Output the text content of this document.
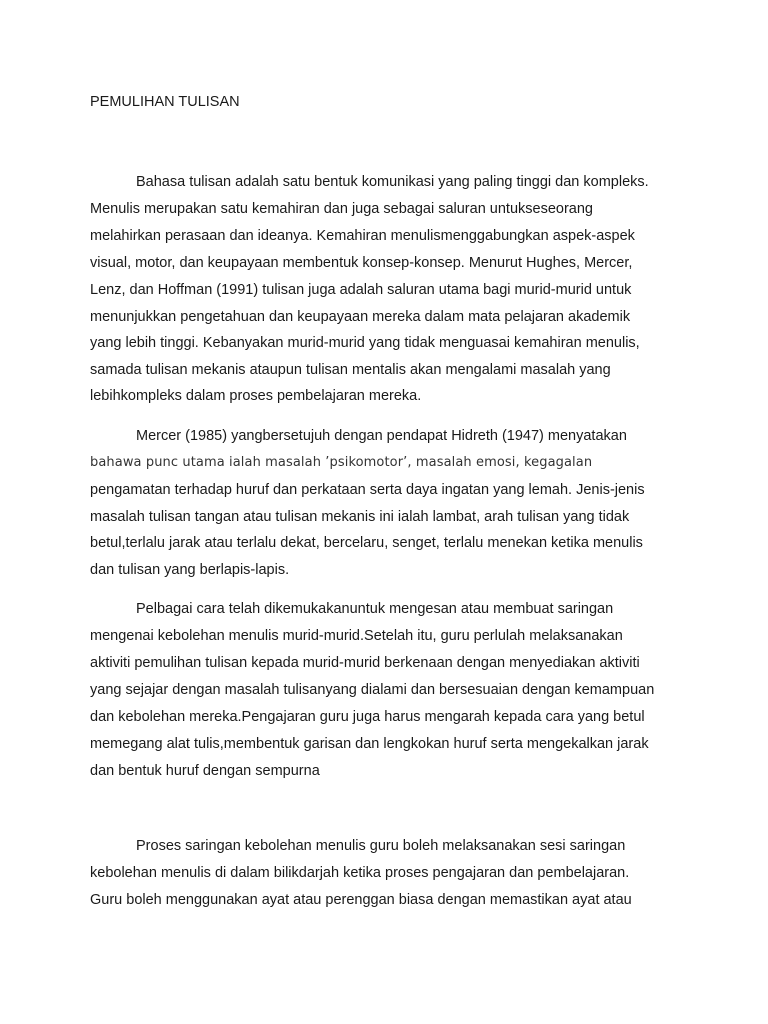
PEMULIHAN TULISAN
Bahasa tulisan adalah satu bentuk komunikasi yang paling tinggi dan kompleks.
Menulis merupakan satu kemahiran dan juga sebagai saluran untukseseorang
melahirkan perasaan dan ideanya. Kemahiran menulismenggabungkan aspek-aspek
visual, motor, dan keupayaan membentuk konsep-konsep. Menurut Hughes, Mercer,
Lenz, dan Hoffman (1991) tulisan juga adalah saluran utama bagi murid-murid untuk
menunjukkan pengetahuan dan keupayaan mereka dalam mata pelajaran akademik
yang lebih tinggi. Kebanyakan murid-murid yang tidak menguasai kemahiran menulis,
samada tulisan mekanis ataupun tulisan mentalis akan mengalami masalah yang
lebihkompleks dalam proses pembelajaran mereka.
Mercer (1985) yangbersetujuh dengan pendapat Hidreth (1947) menyatakan
bahawa punc utama ialah masalah ’psikomotor’, masalah emosi, kegagalan
pengamatan terhadap huruf dan perkataan serta daya ingatan yang lemah. Jenis-jenis
masalah tulisan tangan atau tulisan mekanis ini ialah lambat, arah tulisan yang tidak
betul,terlalu jarak atau terlalu dekat, bercelaru, senget, terlalu menekan ketika menulis
dan tulisan yang berlapis-lapis.
Pelbagai cara telah dikemukakanuntuk mengesan atau membuat saringan
mengenai kebolehan menulis murid-murid.Setelah itu, guru perlulah melaksanakan
aktiviti pemulihan tulisan kepada murid-murid berkenaan dengan menyediakan aktiviti
yang sejajar dengan masalah tulisanyang dialami dan bersesuaian dengan kemampuan
dan kebolehan mereka.Pengajaran guru juga harus mengarah kepada cara yang betul
memegang alat tulis,membentuk garisan dan lengkokan huruf serta mengekalkan jarak
dan bentuk huruf dengan sempurna
Proses saringan kebolehan menulis guru boleh melaksanakan sesi saringan
kebolehan menulis di dalam bilikdarjah ketika proses pengajaran dan pembelajaran.
Guru boleh menggunakan ayat atau perenggan biasa dengan memastikan ayat atau
